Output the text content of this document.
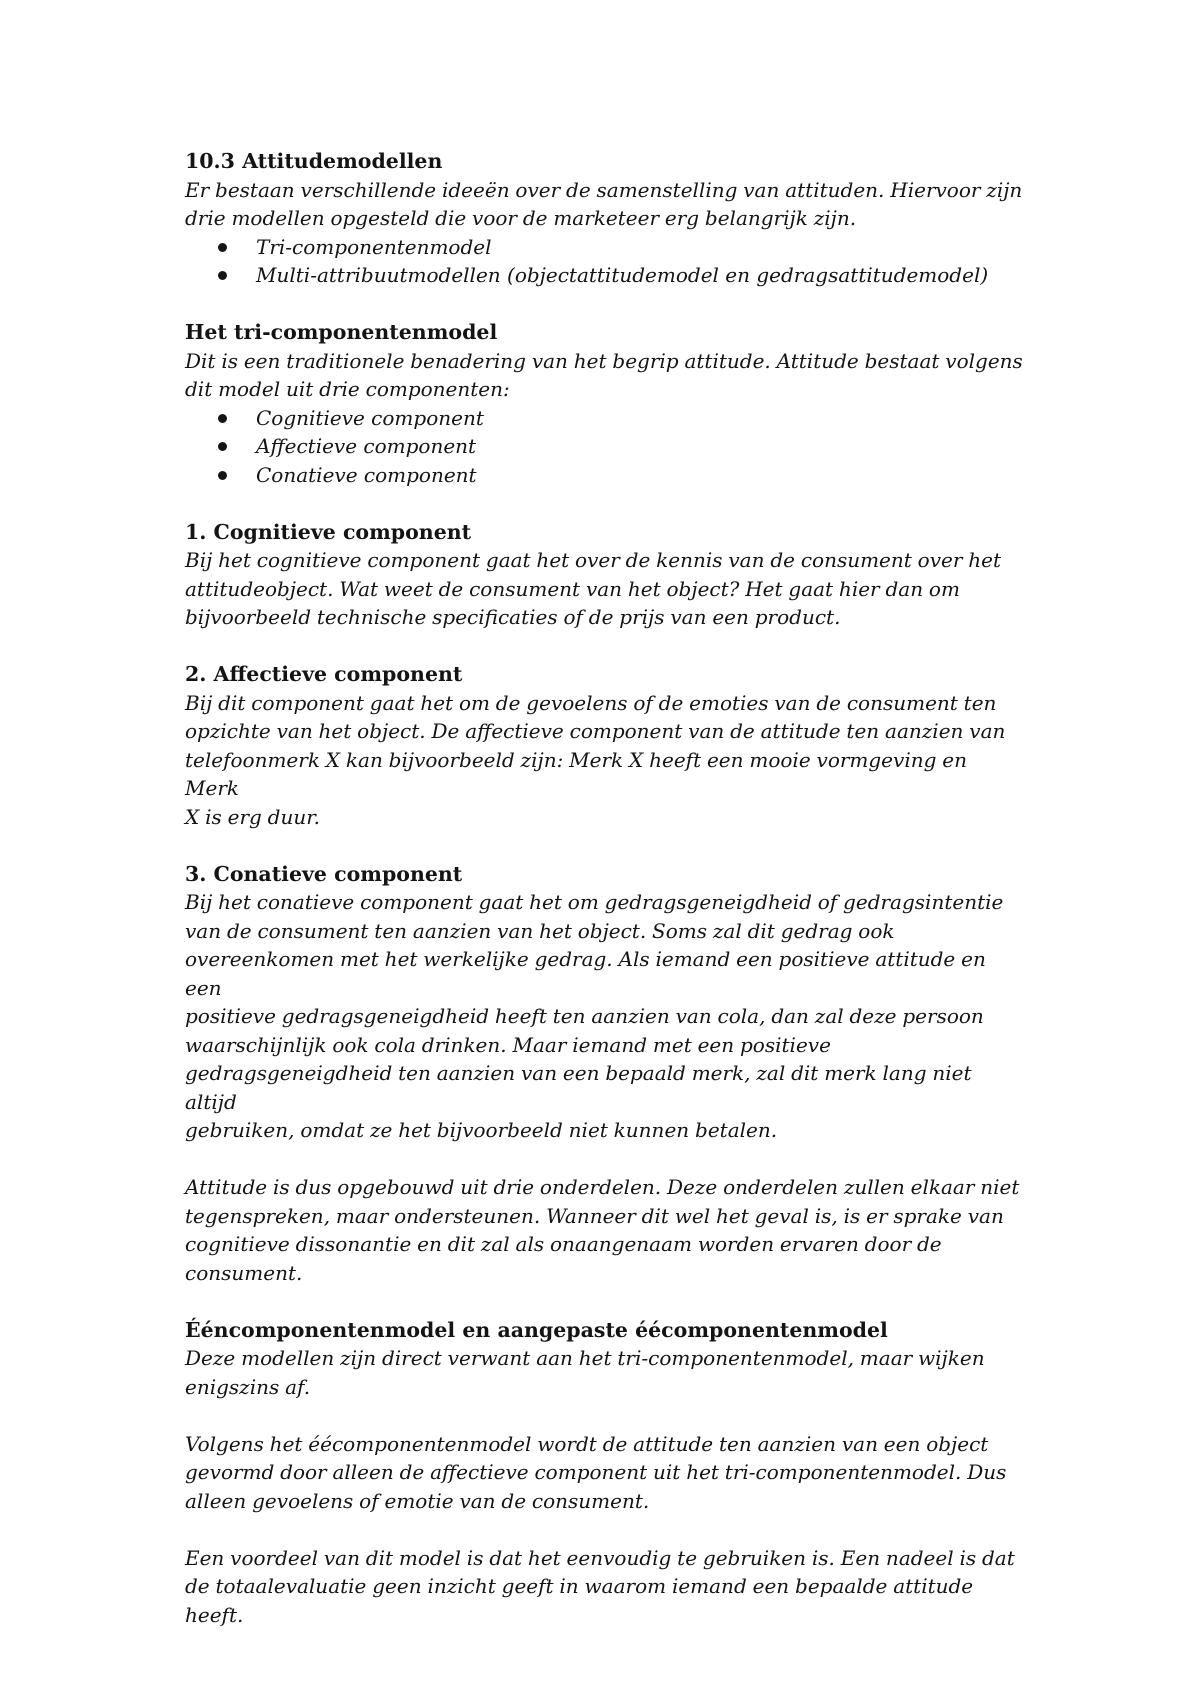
10.3 Attitudemodellen

Er bestaan verschillende ideeën over de samenstelling van attituden. Hiervoor zijn
drie modellen opgesteld die voor de marketeer erg belangrijk zijn.
Tri-componentenmodel
Multi-attribuutmodellen (objectattitudemodel en gedragsattitudemodel)

Het tri-componentenmodel

Dit is een traditionele benadering van het begrip attitude. Attitude bestaat volgens
dit model uit drie componenten:
Cognitieve component
Affectieve component
Conatieve component

1. Cognitieve component

Bij het cognitieve component gaat het over de kennis van de consument over het
attitudeobject. Wat weet de consument van het object? Het gaat hier dan om
bijvoorbeeld technische specificaties of de prijs van een product.

2. Affectieve component

Bij dit component gaat het om de gevoelens of de emoties van de consument ten
opzichte van het object. De affectieve component van de attitude ten aanzien van
telefoonmerk X kan bijvoorbeeld zijn: Merk X heeft een mooie vormgeving en Merk
X is erg duur.

3. Conatieve component

Bij het conatieve component gaat het om gedragsgeneigdheid of gedragsintentie
van de consument ten aanzien van het object. Soms zal dit gedrag ook
overeenkomen met het werkelijke gedrag. Als iemand een positieve attitude en een
positieve gedragsgeneigdheid heeft ten aanzien van cola, dan zal deze persoon
waarschijnlijk ook cola drinken. Maar iemand met een positieve
gedragsgeneigdheid ten aanzien van een bepaald merk, zal dit merk lang niet altijd
gebruiken, omdat ze het bijvoorbeeld niet kunnen betalen.
Attitude is dus opgebouwd uit drie onderdelen. Deze onderdelen zullen elkaar niet
tegenspreken, maar ondersteunen. Wanneer dit wel het geval is, is er sprake van
cognitieve dissonantie en dit zal als onaangenaam worden ervaren door de
consument.

Ééncomponentenmodel en aangepaste éécomponentenmodel

Deze modellen zijn direct verwant aan het tri-componentenmodel, maar wijken
enigszins af.
Volgens het éécomponentenmodel wordt de attitude ten aanzien van een object
gevormd door alleen de affectieve component uit het tri-componentenmodel. Dus
alleen gevoelens of emotie van de consument.
Een voordeel van dit model is dat het eenvoudig te gebruiken is. Een nadeel is dat
de totaalevaluatie geen inzicht geeft in waarom iemand een bepaalde attitude
heeft.
